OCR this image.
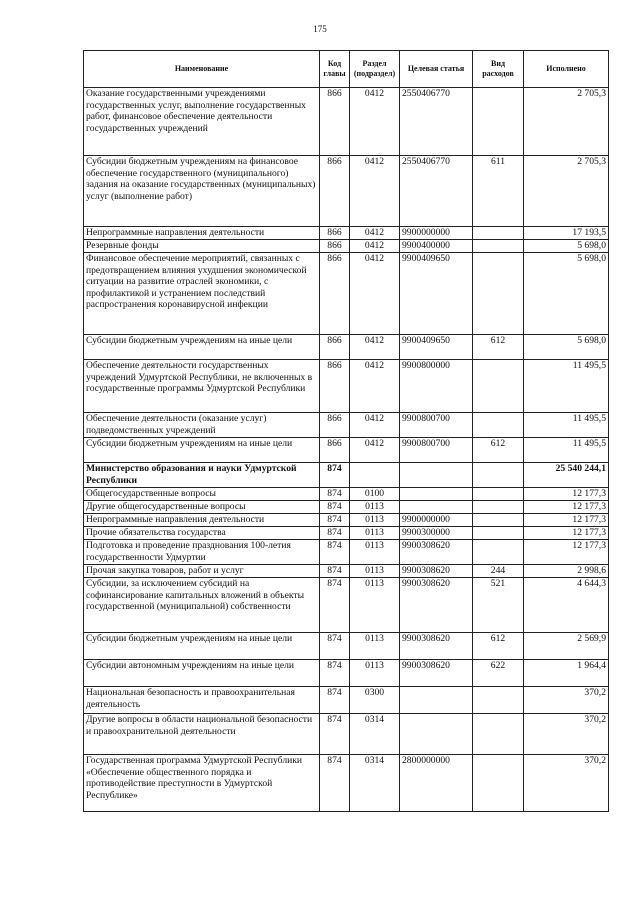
175
Наименование	Код главы	Раздел (подраздел)	Целевая статья	Вид расходов	Исполнено
Оказание государственными учреждениями государственных услуг, выполнение государственных работ, финансовое обеспечение деятельности государственных учреждений	866	0412	2550406770		2 705,3
Субсидии бюджетным учреждениям на финансовое обеспечение государственного (муниципального) задания на оказание государственных (муниципальных) услуг (выполнение работ)	866	0412	2550406770	611	2 705,3
Непрограммные направления деятельности	866	0412	9900000000		17 193,5
Резервные фонды	866	0412	9900400000		5 698,0
Финансовое обеспечение мероприятий, связанных с предотвращением влияния ухудшения экономической ситуации на развитие отраслей экономики, с профилактикой и устранением последствий распространения коронавирусной инфекции	866	0412	9900409650		5 698,0
Субсидии бюджетным учреждениям на иные цели	866	0412	9900409650	612	5 698,0
Обеспечение деятельности государственных учреждений Удмуртской Республики, не включенных в государственные программы Удмуртской Республики	866	0412	9900800000		11 495,5
Обеспечение деятельности (оказание услуг) подведомственных учреждений	866	0412	9900800700		11 495,5
Субсидии бюджетным учреждениям на иные цели	866	0412	9900800700	612	11 495,5
Министерство образования и науки Удмуртской Республики	874				25 540 244,1
Общегосударственные вопросы	874	0100			12 177,3
Другие общегосударственные вопросы	874	0113			12 177,3
Непрограммные направления деятельности	874	0113	9900000000		12 177,3
Прочие обязательства государства	874	0113	9900300000		12 177,3
Подготовка и проведение празднования 100-летия государственности Удмуртии	874	0113	9900308620		12 177,3
Прочая закупка товаров, работ и услуг	874	0113	9900308620	244	2 998,6
Субсидии, за исключением субсидий на софинансирование капитальных вложений в объекты государственной (муниципальной) собственности	874	0113	9900308620	521	4 644,3
Субсидии бюджетным учреждениям на иные цели	874	0113	9900308620	612	2 569,9
Субсидии автономным учреждениям на иные цели	874	0113	9900308620	622	1 964,4
Национальная безопасность и правоохранительная деятельность	874	0300			370,2
Другие вопросы в области национальной безопасности и правоохранительной деятельности	874	0314			370,2
Государственная программа Удмуртской Республики «Обеспечение общественного порядка и противодействие преступности в Удмуртской Республике»	874	0314	2800000000		370,2
